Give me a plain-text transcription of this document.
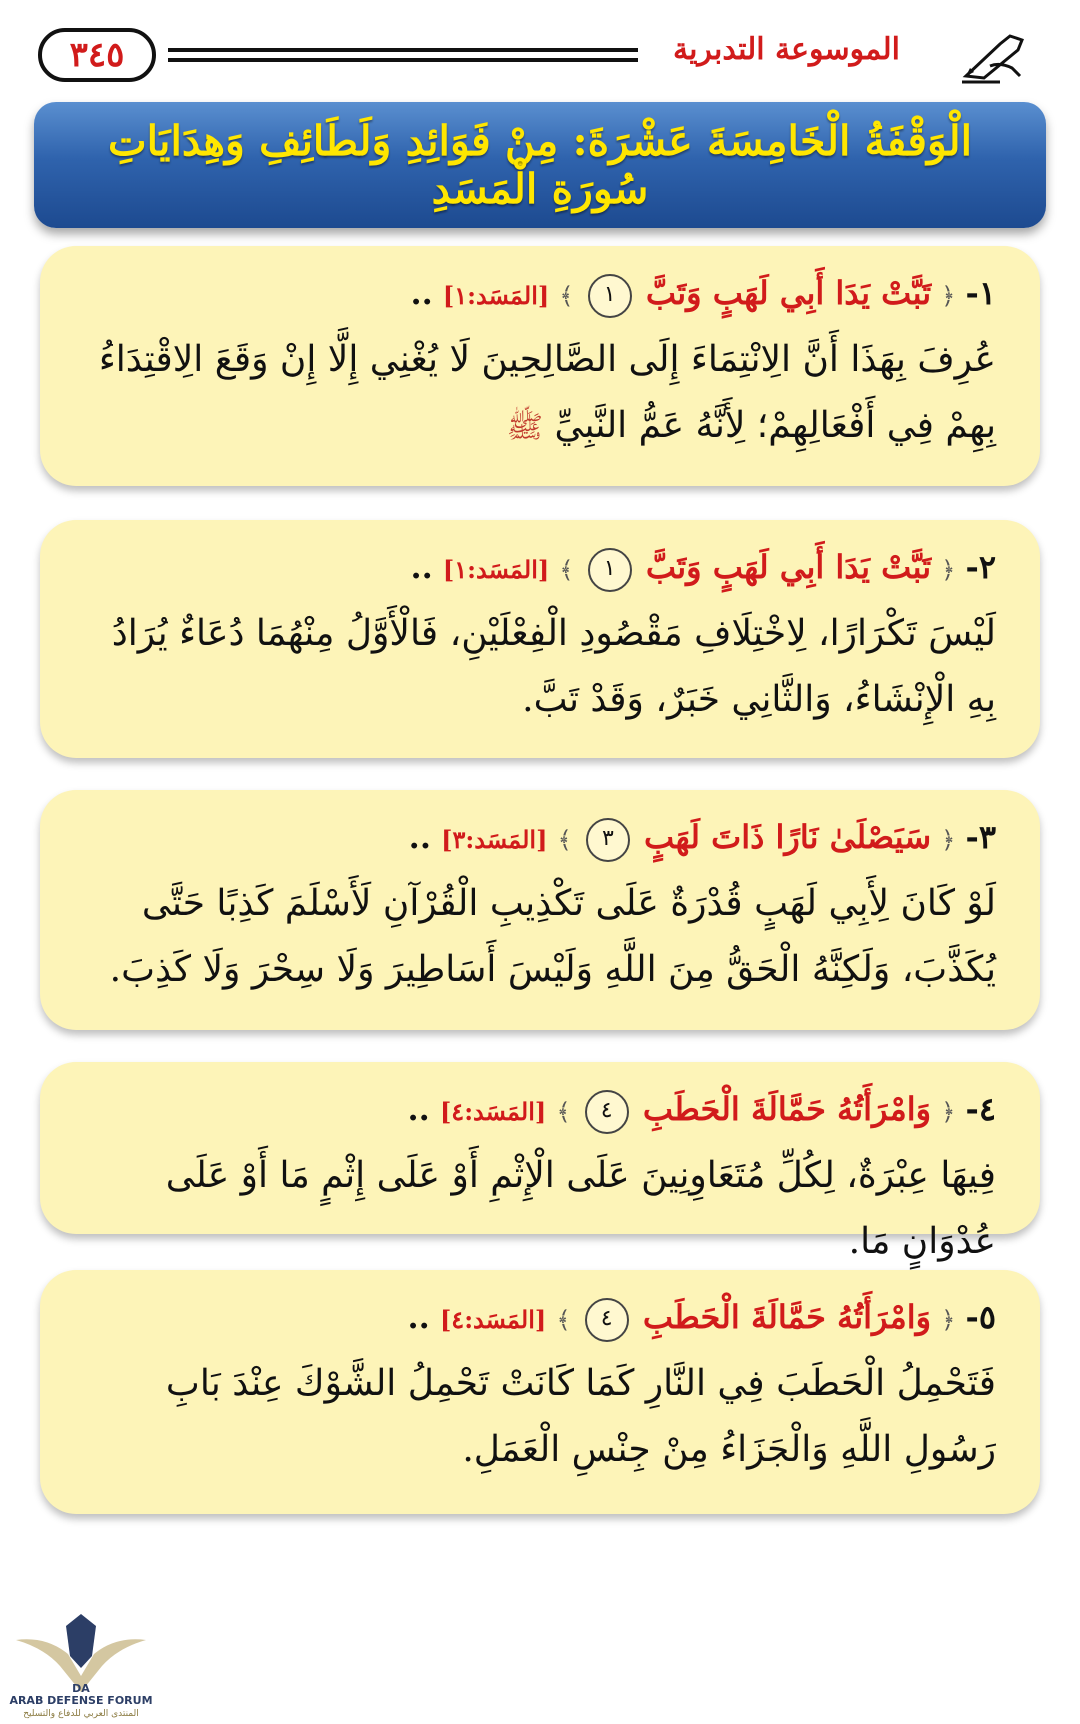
٣٤٥	الموسوعة التدبرية
الْوَقْفَةُ الْخَامِسَةَ عَشْرَةَ: مِنْ فَوَائِدِ وَلَطَائِفِ وَهِدَايَاتِ سُورَةِ الْمَسَدِ
١- ﴿ تَبَّتْ يَدَا أَبِي لَهَبٍ وَتَبَّ ١ ﴾ [المَسَد:١] ..
عُرِفَ بِهَذَا أَنَّ الِانْتِمَاءَ إِلَى الصَّالِحِينَ لَا يُغْنِي إِلَّا إِنْ وَقَعَ الِاقْتِدَاءُ بِهِمْ فِي أَفْعَالِهِمْ؛ لِأَنَّهُ عَمُّ النَّبِيِّ ﷺ
٢- ﴿ تَبَّتْ يَدَا أَبِي لَهَبٍ وَتَبَّ ١ ﴾ [المَسَد:١] ..
لَيْسَ تَكْرَارًا، لِاخْتِلَافِ مَقْصُودِ الْفِعْلَيْنِ، فَالْأَوَّلُ مِنْهُمَا دُعَاءٌ يُرَادُ بِهِ الْإِنْشَاءُ، وَالثَّانِي خَبَرٌ، وَقَدْ تَبَّ.
٣- ﴿ سَيَصْلَىٰ نَارًا ذَاتَ لَهَبٍ ٣ ﴾ [المَسَد:٣] ..
لَوْ كَانَ لِأَبِي لَهَبٍ قُدْرَةٌ عَلَى تَكْذِيبِ الْقُرْآنِ لَأَسْلَمَ كَذِبًا حَتَّى يُكَذَّبَ، وَلَكِنَّهُ الْحَقُّ مِنَ اللَّهِ وَلَيْسَ أَسَاطِيرَ وَلَا سِحْرَ وَلَا كَذِبَ.
٤- ﴿ وَامْرَأَتُهُ حَمَّالَةَ الْحَطَبِ ٤ ﴾ [المَسَد:٤] ..
فِيهَا عِبْرَةٌ، لِكُلِّ مُتَعَاوِنِينَ عَلَى الْإِثْمِ أَوْ عَلَى إِثْمٍ مَا أَوْ عَلَى عُدْوَانٍ مَا.
٥- ﴿ وَامْرَأَتُهُ حَمَّالَةَ الْحَطَبِ ٤ ﴾ [المَسَد:٤] ..
فَتَحْمِلُ الْحَطَبَ فِي النَّارِ كَمَا كَانَتْ تَحْمِلُ الشَّوْكَ عِنْدَ بَابِ رَسُولِ اللَّهِ وَالْجَزَاءُ مِنْ جِنْسِ الْعَمَلِ.
DA
ARAB DEFENSE FORUM
المنتدى العربي للدفاع والتسليح
